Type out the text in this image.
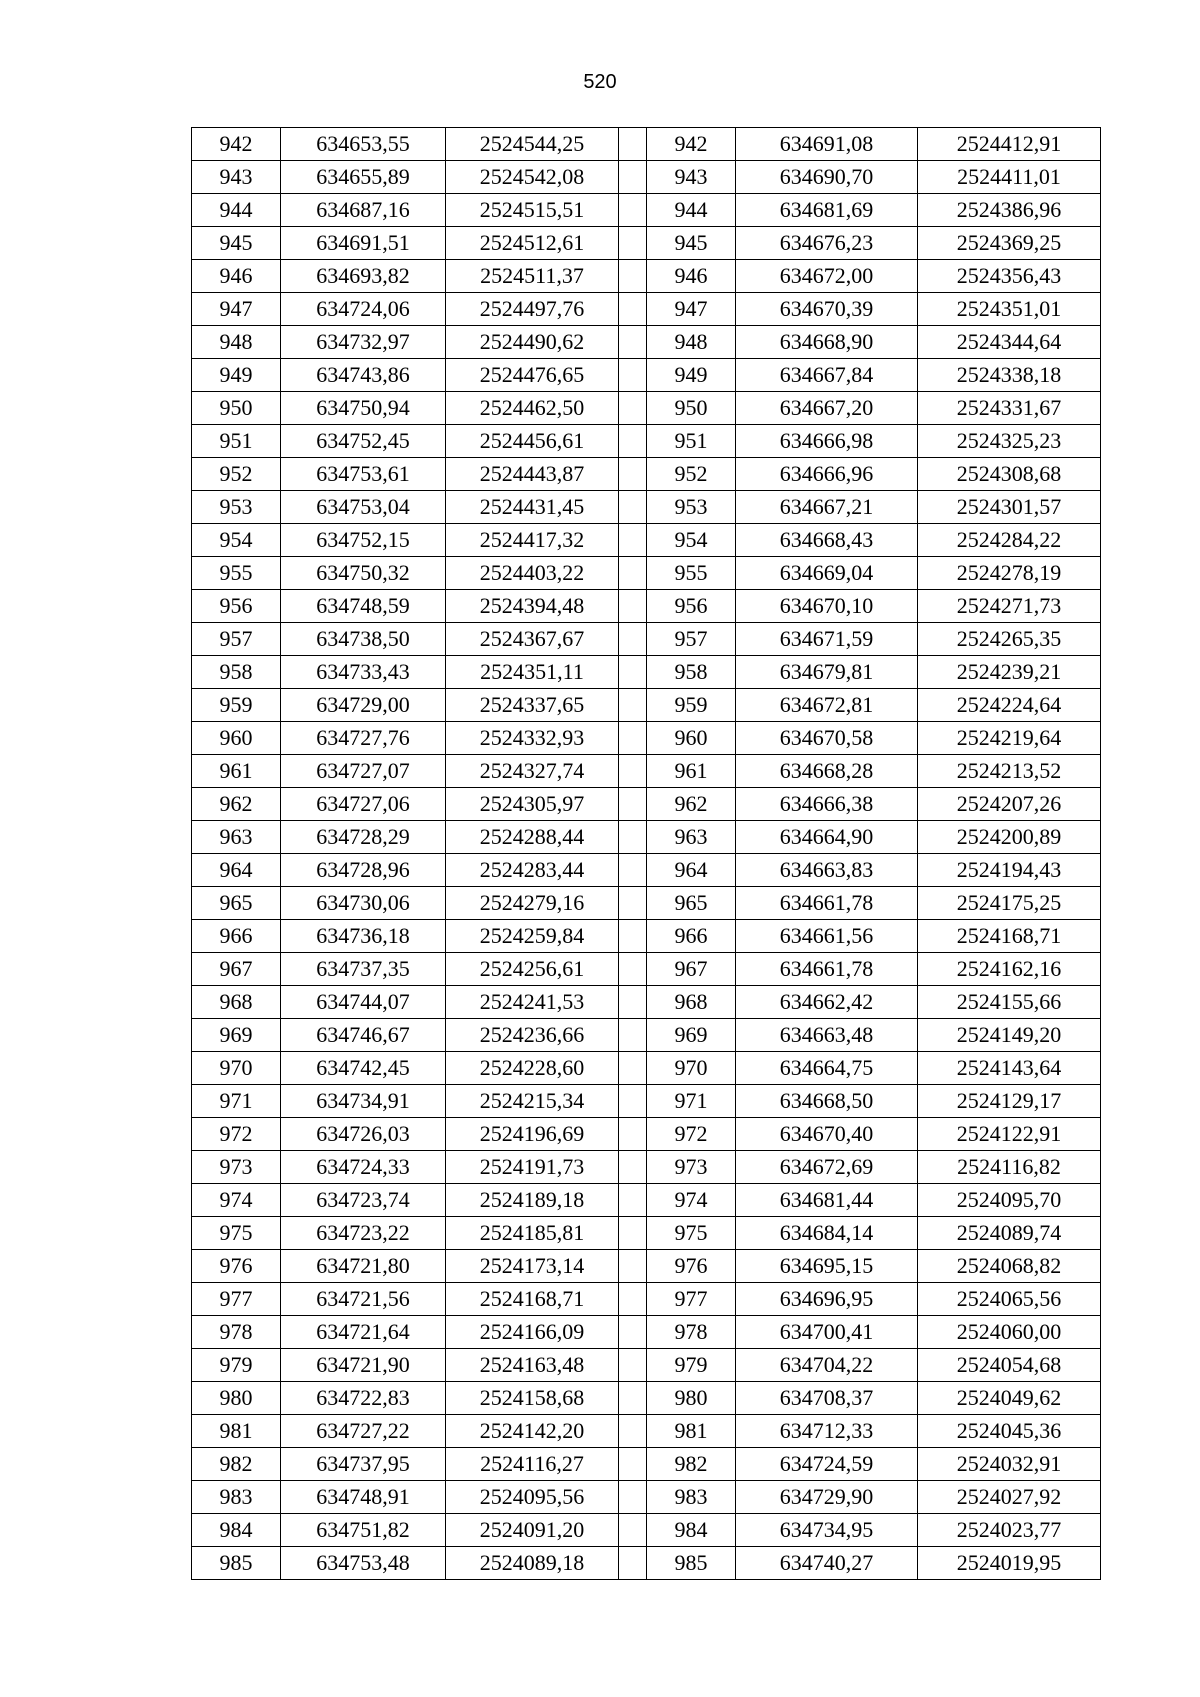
520
942	634653,55	2524544,25		942	634691,08	2524412,91
943	634655,89	2524542,08		943	634690,70	2524411,01
944	634687,16	2524515,51		944	634681,69	2524386,96
945	634691,51	2524512,61		945	634676,23	2524369,25
946	634693,82	2524511,37		946	634672,00	2524356,43
947	634724,06	2524497,76		947	634670,39	2524351,01
948	634732,97	2524490,62		948	634668,90	2524344,64
949	634743,86	2524476,65		949	634667,84	2524338,18
950	634750,94	2524462,50		950	634667,20	2524331,67
951	634752,45	2524456,61		951	634666,98	2524325,23
952	634753,61	2524443,87		952	634666,96	2524308,68
953	634753,04	2524431,45		953	634667,21	2524301,57
954	634752,15	2524417,32		954	634668,43	2524284,22
955	634750,32	2524403,22		955	634669,04	2524278,19
956	634748,59	2524394,48		956	634670,10	2524271,73
957	634738,50	2524367,67		957	634671,59	2524265,35
958	634733,43	2524351,11		958	634679,81	2524239,21
959	634729,00	2524337,65		959	634672,81	2524224,64
960	634727,76	2524332,93		960	634670,58	2524219,64
961	634727,07	2524327,74		961	634668,28	2524213,52
962	634727,06	2524305,97		962	634666,38	2524207,26
963	634728,29	2524288,44		963	634664,90	2524200,89
964	634728,96	2524283,44		964	634663,83	2524194,43
965	634730,06	2524279,16		965	634661,78	2524175,25
966	634736,18	2524259,84		966	634661,56	2524168,71
967	634737,35	2524256,61		967	634661,78	2524162,16
968	634744,07	2524241,53		968	634662,42	2524155,66
969	634746,67	2524236,66		969	634663,48	2524149,20
970	634742,45	2524228,60		970	634664,75	2524143,64
971	634734,91	2524215,34		971	634668,50	2524129,17
972	634726,03	2524196,69		972	634670,40	2524122,91
973	634724,33	2524191,73		973	634672,69	2524116,82
974	634723,74	2524189,18		974	634681,44	2524095,70
975	634723,22	2524185,81		975	634684,14	2524089,74
976	634721,80	2524173,14		976	634695,15	2524068,82
977	634721,56	2524168,71		977	634696,95	2524065,56
978	634721,64	2524166,09		978	634700,41	2524060,00
979	634721,90	2524163,48		979	634704,22	2524054,68
980	634722,83	2524158,68		980	634708,37	2524049,62
981	634727,22	2524142,20		981	634712,33	2524045,36
982	634737,95	2524116,27		982	634724,59	2524032,91
983	634748,91	2524095,56		983	634729,90	2524027,92
984	634751,82	2524091,20		984	634734,95	2524023,77
985	634753,48	2524089,18		985	634740,27	2524019,95
